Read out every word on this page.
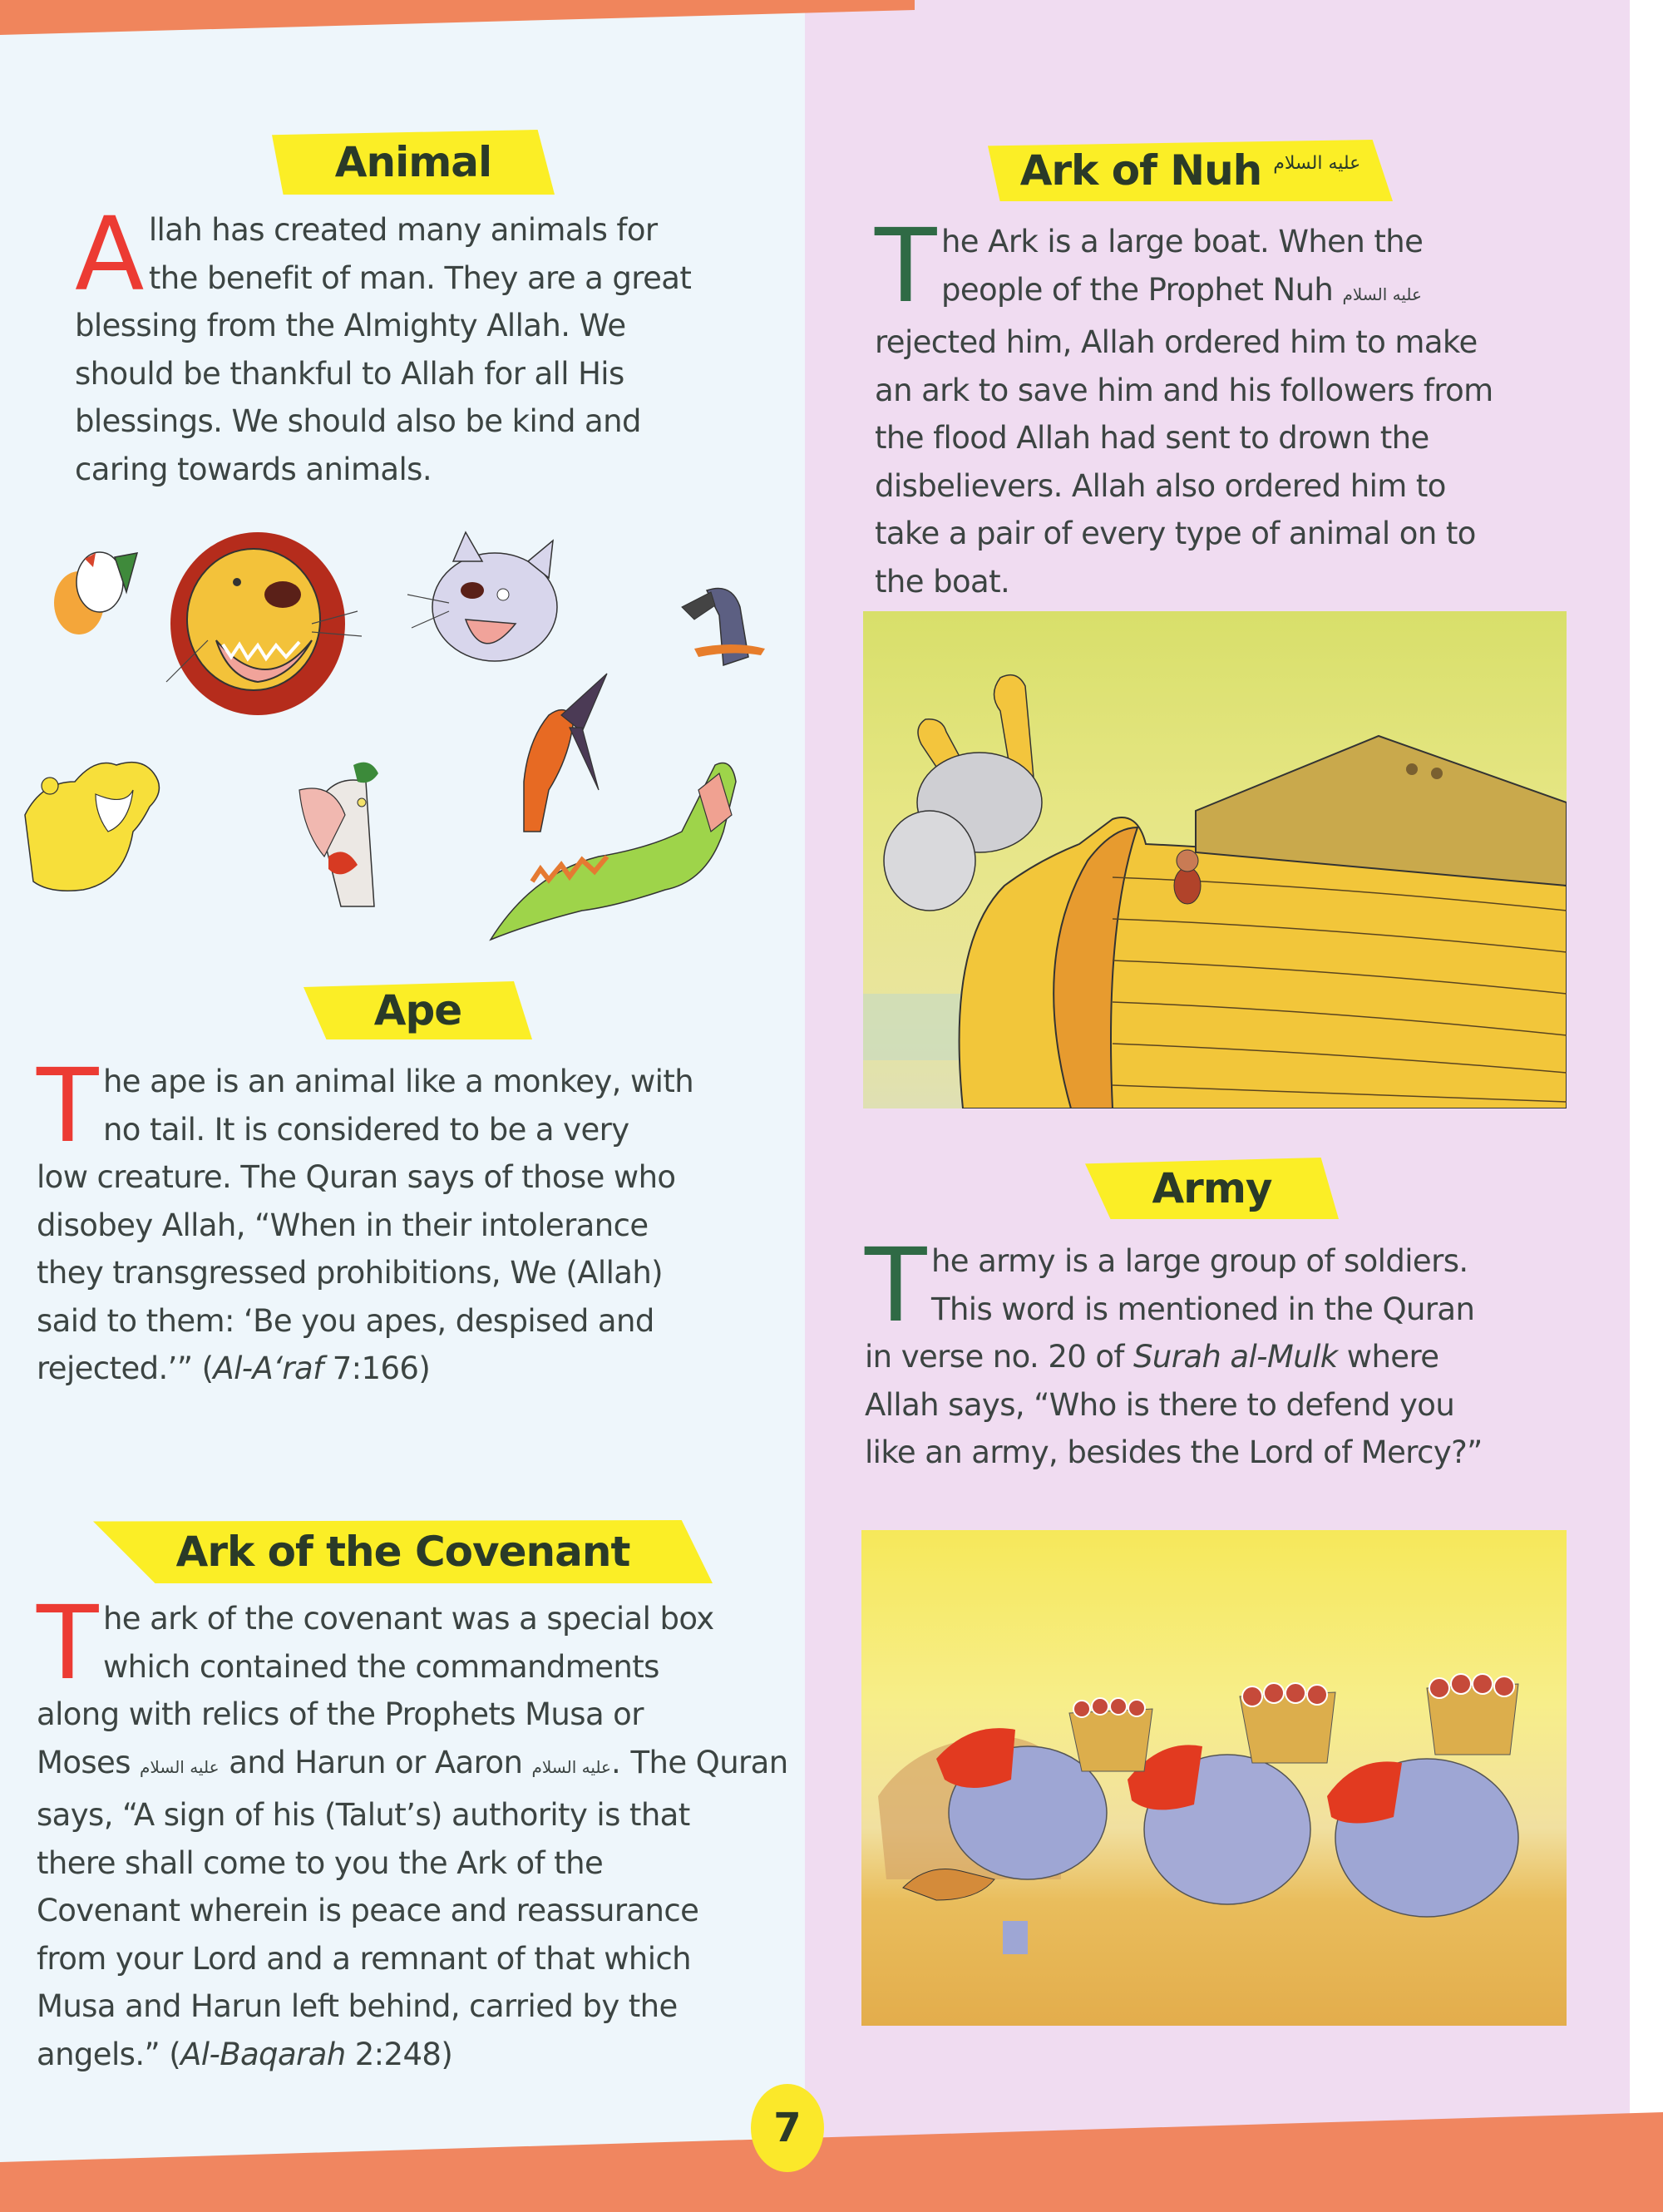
Animal
A llah has created many animals for
the benefit of man. They are a great
blessing from the Almighty Allah. We
should be thankful to Allah for all His
blessings. We should also be kind and
caring towards animals.
Ape
T he ape is an animal like a monkey, with
no tail. It is considered to be a very
low creature. The Quran says of those who
disobey Allah, “When in their intolerance
they transgressed prohibitions, We (Allah)
said to them: ‘Be you apes, despised and
rejected.’” (Al-A‘raf 7:166)
Ark of the Covenant
T he ark of the covenant was a special box
which contained the commandments
along with relics of the Prophets Musa or
Moses عليه السلام and Harun or Aaron عليه السلام. The Quran
says, “A sign of his (Talut’s) authority is that
there shall come to you the Ark of the
Covenant wherein is peace and reassurance
from your Lord and a remnant of that which
Musa and Harun left behind, carried by the
angels.” (Al-Baqarah 2:248)
Ark of Nuh عليه السلام
T he Ark is a large boat. When the
people of the Prophet Nuh عليه السلام
rejected him, Allah ordered him to make
an ark to save him and his followers from
the flood Allah had sent to drown the
disbelievers. Allah also ordered him to
take a pair of every type of animal on to
the boat.
Army
T he army is a large group of soldiers.
This word is mentioned in the Quran
in verse no. 20 of Surah al-Mulk where
Allah says, “Who is there to defend you
like an army, besides the Lord of Mercy?”
7
